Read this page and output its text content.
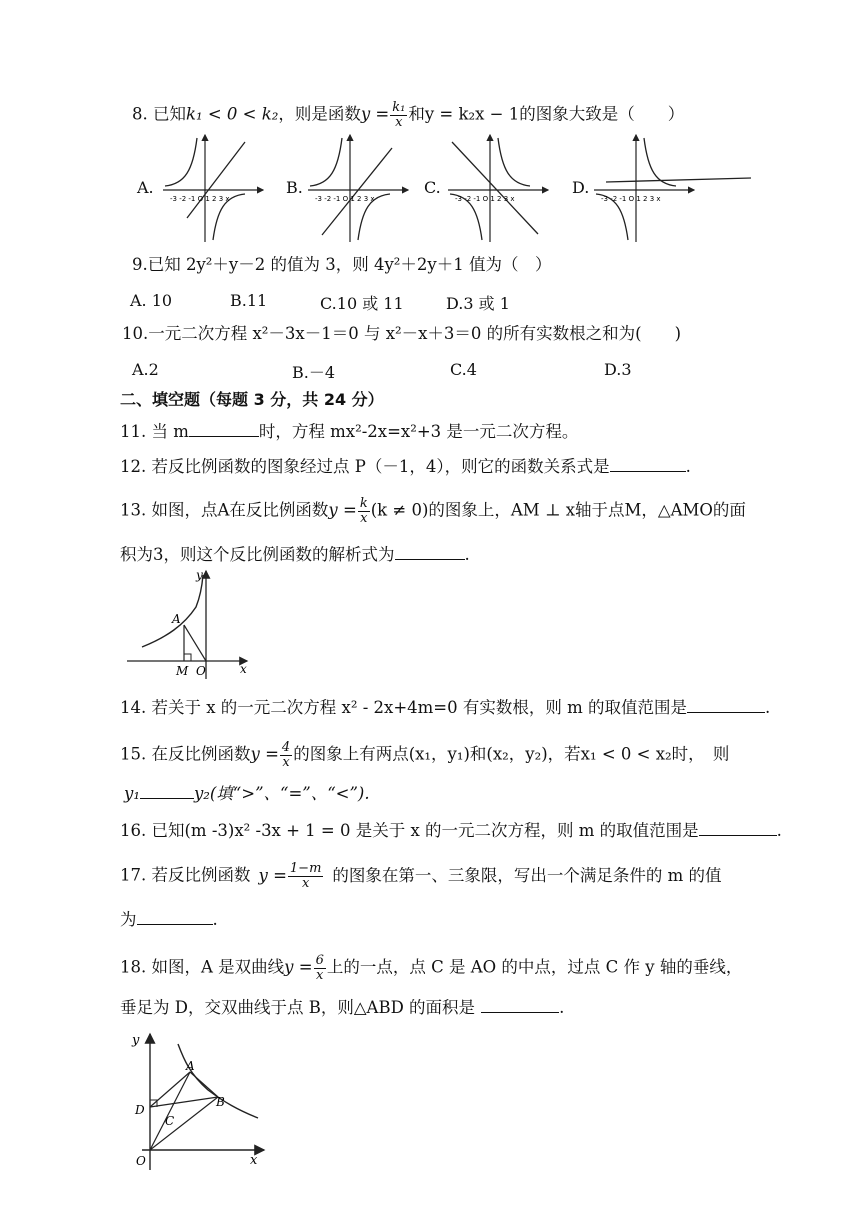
8. 已知k₁ < 0 < k₂，则是函数$y = \frac{\text{k₁}}{x}$ 和y = k₂x − 1的图象大致是（　　）
-3 -2 -1 O 1 2 3 x	-3 -2 -1 O 1 2 3 x	-3 -2 -1 O 1 2 3 x	-3 -2 -1 O 1 2 3 x
A.	B.	C.	D.
9.已知 2y²＋y－2 的值为 3，则 4y²＋2y＋1 值为（　）
A. 10	B.11	C.10 或 11	D.3 或 1
10.一元二次方程 x²－3x－1＝0 与 x²－x＋3＝0 的所有实数根之和为(　　)
A.2	B.－4	C.4	D.3
二、填空题（每题 3 分，共 24 分）
11. 当 m	时，方程 mx²-2x=x²+3 是一元二次方程。
12. 若反比例函数的图象经过点 P（－1，4），则它的函数关系式是	.
13. 如图，点A在反比例函数$y = \frac{k}{x} (k \ne 0)$的图象上，AM ⊥ x轴于点M，△AMO的面
积为3，则这个反比例函数的解析式为	.
y
x
A
M O
14. 若关于 x 的一元二次方程 x² - 2x+4m=0 有实数根，则 m 的取值范围是	.
15. 在反比例函数$y = \frac{4}{x}$ 的图象上有两点(x₁，y₁)和(x₂，y₂)，若x₁ < 0 < x₂时，　则
y₁	y₂(填“>”、“=”、“<”).
16. 已知(m -3)x² -3x + 1 = 0 是关于 x 的一元二次方程，则 m 的取值范围是	.
17. 若反比例函数 $y = \frac{1-m}{x}$ 的图象在第一、三象限，写出一个满足条件的 m 的值
为	.
18. 如图，A 是双曲线$y = \frac{6}{x}$ 上的一点，点 C 是 AO 的中点，过点 C 作 y 轴的垂线，
垂足为 D，交双曲线于点 B，则△ABD 的面积是	.
y
x
A
B
C
D
O
